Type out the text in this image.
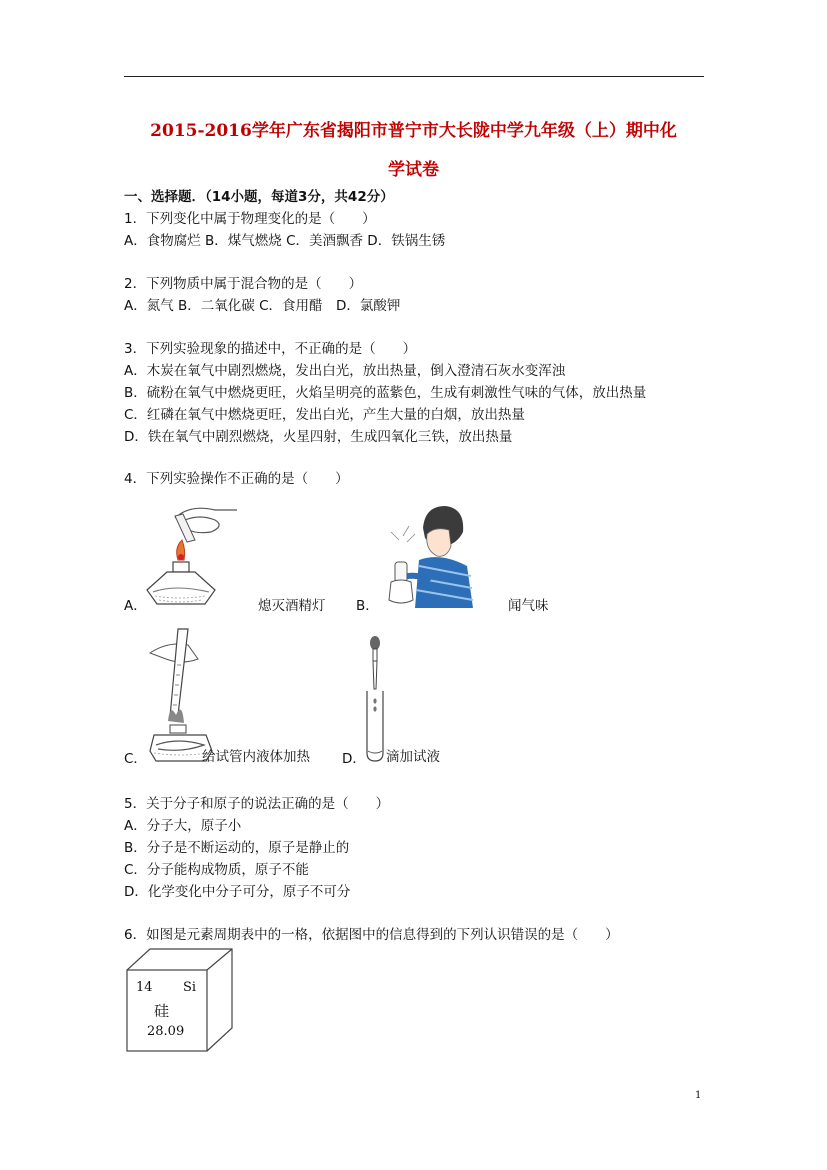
2015-2016学年广东省揭阳市普宁市大长陇中学九年级（上）期中化
学试卷
一、选择题．（14小题，每道3分，共42分）
1．下列变化中属于物理变化的是（　　）
A．食物腐烂 B．煤气燃烧 C．美酒飘香 D．铁锅生锈
2．下列物质中属于混合物的是（　　）
A．氮气 B．二氧化碳 C．食用醋　D．氯酸钾
3．下列实验现象的描述中，不正确的是（　　）
A．木炭在氧气中剧烈燃烧，发出白光，放出热量，倒入澄清石灰水变浑浊
B．硫粉在氧气中燃烧更旺，火焰呈明亮的蓝紫色，生成有刺激性气味的气体，放出热量
C．红磷在氧气中燃烧更旺，发出白光，产生大量的白烟，放出热量
D．铁在氧气中剧烈燃烧，火星四射，生成四氧化三铁，放出热量
4．下列实验操作不正确的是（　　）
A．	熄灭酒精灯 B．	闻气味
C．	给试管内液体加热 D． 滴加试液
5．关于分子和原子的说法正确的是（　　）
A．分子大，原子小
B．分子是不断运动的，原子是静止的
C．分子能构成物质，原子不能
D．化学变化中分子可分，原子不可分
6．如图是元素周期表中的一格，依据图中的信息得到的下列认识错误的是（　　）
14 Si
硅
28.09
1
